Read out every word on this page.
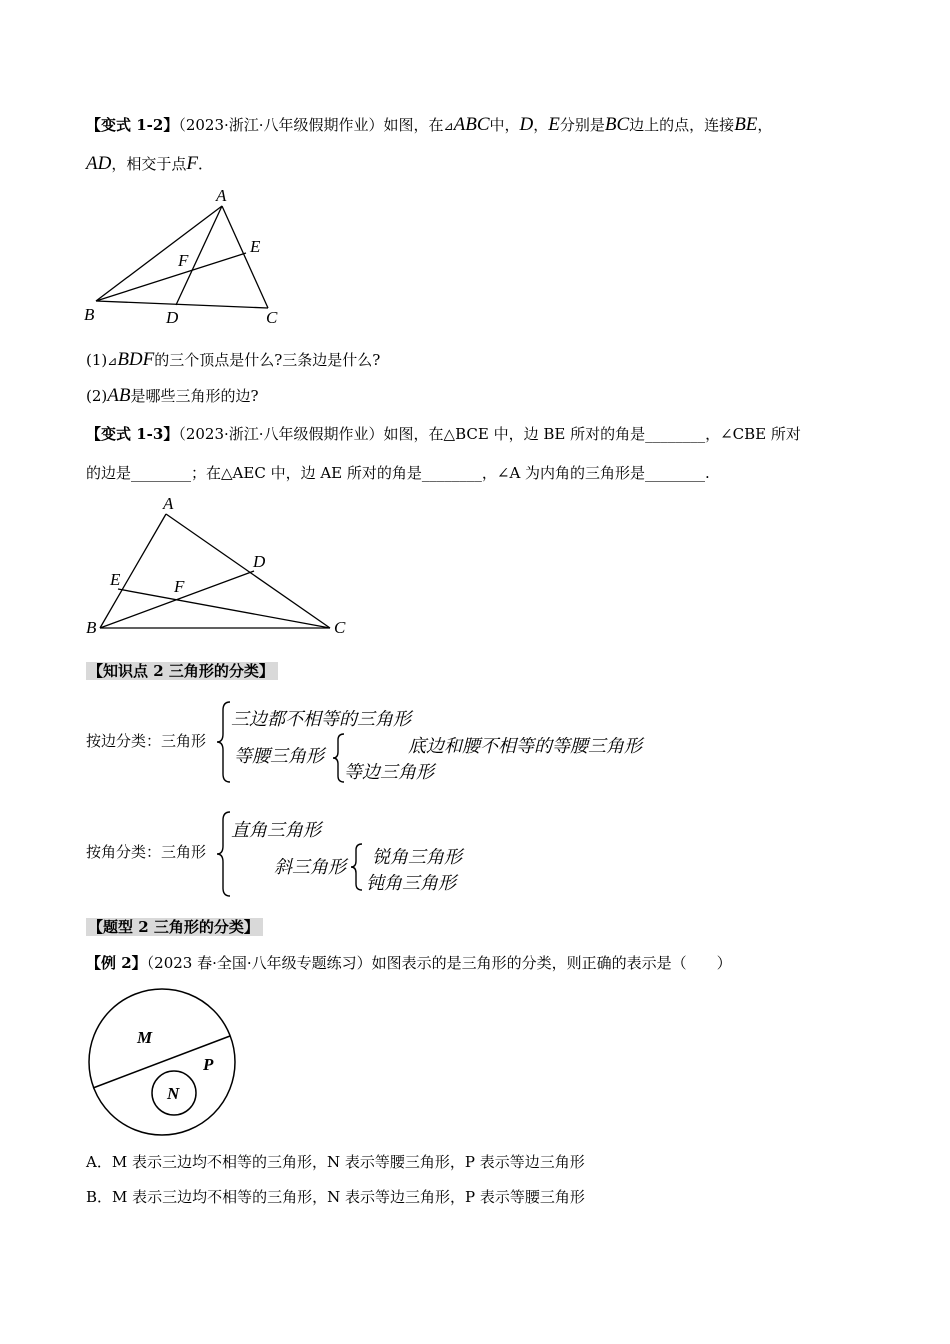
【变式 1-2】（2023·浙江·八年级假期作业）如图，在⊿ABC中，D，E分别是BC边上的点，连接BE，
AD，相交于点F．
A
B	C
D
E
F
A
B	C
D
E	F
M
N
P
(1)⊿BDF的三个顶点是什么?三条边是什么?
(2)AB是哪些三角形的边?
【变式 1-3】（2023·浙江·八年级假期作业）如图，在△BCE 中，边 BE 所对的角是________，∠CBE 所对
的边是________；在△AEC 中，边 AE 所对的角是________，∠A 为内角的三角形是________.
【知识点 2 三角形的分类】
按边分类：三角形
三边都不相等的三角形
等腰三角形	底边和腰不相等的等腰三角形
等边三角形
按角分类：三角形
直角三角形
斜三角形 锐角三角形
钝角三角形
【题型 2 三角形的分类】
【例 2】（2023 春·全国·八年级专题练习）如图表示的是三角形的分类，则正确的表示是（　　）
A．M 表示三边均不相等的三角形，N 表示等腰三角形，P 表示等边三角形
B．M 表示三边均不相等的三角形，N 表示等边三角形，P 表示等腰三角形
